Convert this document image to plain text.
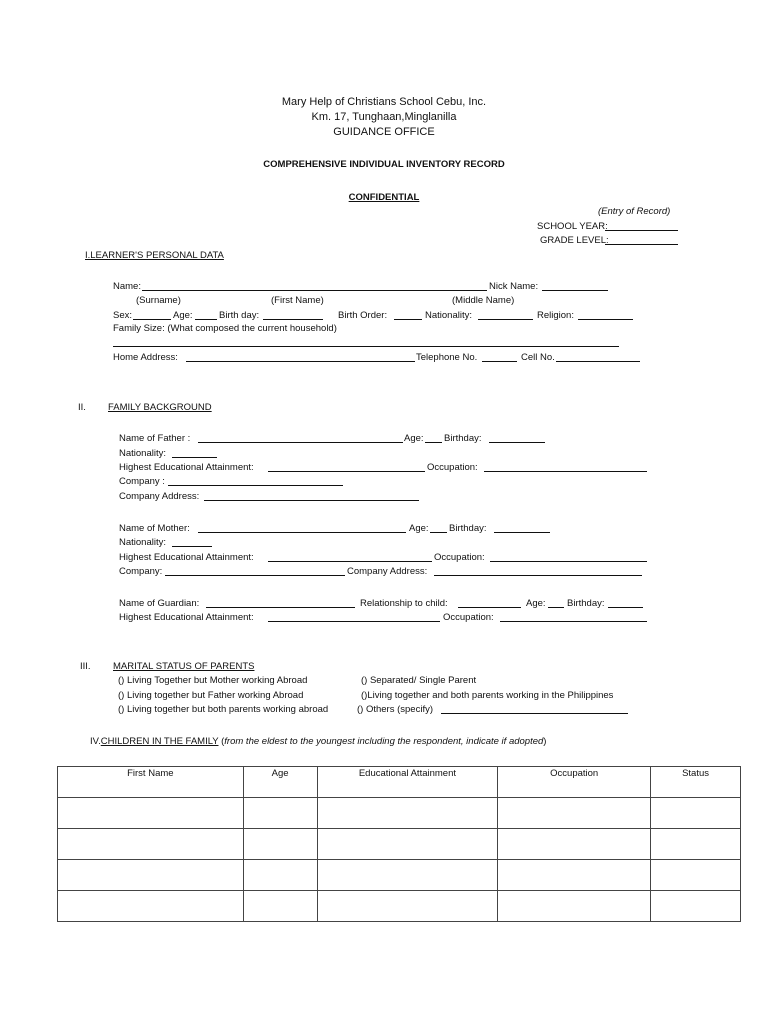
Mary Help of Christians School Cebu, Inc.
Km. 17, Tunghaan,Minglanilla
GUIDANCE OFFICE
COMPREHENSIVE INDIVIDUAL INVENTORY RECORD
CONFIDENTIAL
(Entry of Record)
SCHOOL YEAR:
GRADE LEVEL:
I.LEARNER'S PERSONAL DATA
Name:	Nick Name:
(Surname)	(First Name)	(Middle Name)
Sex:	Age:	Birth day:	Birth Order:	Nationality:	Religion:
Family Size: (What composed the current household)
Home Address:	Telephone No.	Cell No.
II. FAMILY BACKGROUND
Name of Father :	Age: Birthday:
Nationality:
Highest Educational Attainment:	Occupation:
Company :
Company Address:
Name of Mother:	Age: Birthday:
Nationality:
Highest Educational Attainment:	Occupation:
Company:	Company Address:
Name of Guardian:	Relationship to child:	Age: Birthday:
Highest Educational Attainment:	Occupation:
III. MARITAL STATUS OF PARENTS
() Living Together but Mother working Abroad
() Living together but Father working Abroad
() Living together but both parents working abroad
() Separated/ Single Parent
()Living together and both parents working in the Philippines
() Others (specify)
IV.CHILDREN IN THE FAMILY (from the eldest to the youngest including the respondent, indicate if adopted)
First Name	Age	Educational Attainment	Occupation	Status
